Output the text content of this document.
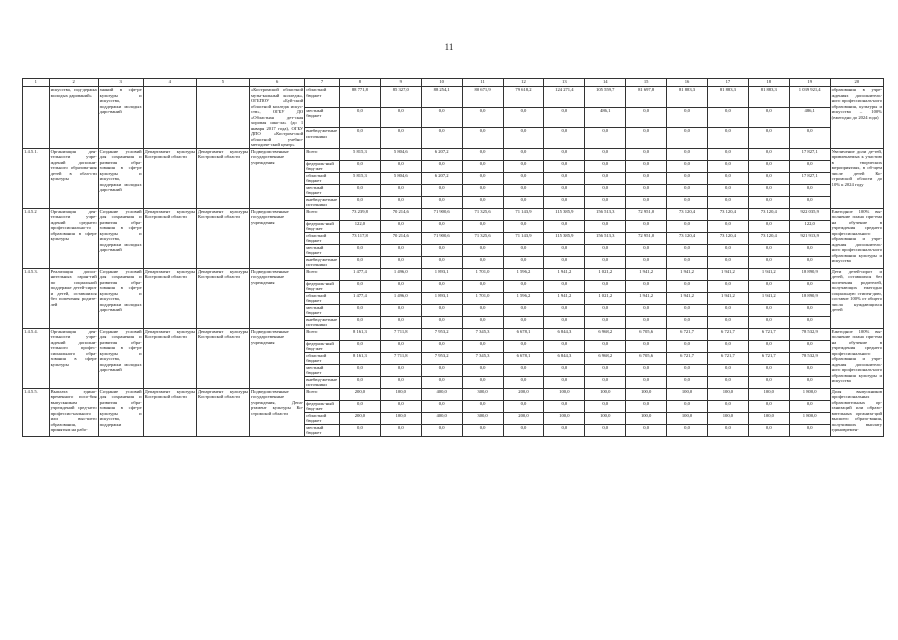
11
1	2	3	4	5	6	7	8	9	10	11	12	13	14	15	16	17	18	19	20
	искусства, под-держка молодых дарований»	знаний в сфе-ре культуры и искусства, поддержки молодых даро-ваний			«Костромской областной музы-кальный колледж», ОГБПОУ «Буй-ский областной колледж искус-ств», ОГБУ ДО «Областная дет-ская хоровая шко-ла» (до 1 января 2017 года), ОГБУ ДПО «Костром-ской областной учебно-методиче-ский центр»	областной бюджет	88 771,8	85 327,0	88 254,1	80 671,9	79 618,2	124 271,4	105 559,7	81 697,8	81 883,3	81 883,3	81 883,3	1 039 921,4	образования в учре-ждениях дополнитель-ного профессиональ-ного образования, культуры и искусства – 100% (ежегодно до 2024 года)
						местный бюджет	0,0	0,0	0,0	0,0	0,0	0,0	486,1	0,0	0,0	0,0	0,0	486,1	
						внебюд-жетные источники	0,0	0,0	0,0	0,0	0,0	0,0	0,0	0,0	0,0	0,0	0,0	0,0	
1.4.5.1.	Организация дея-тельности учре-ждений дополни-тельного образова-ния детей в обла-сти культуры	Создание условий для сохранения и развития обра-зования в сфе-ре культуры и искусства, поддержки молодых даро-ваний	Департамент культуры Костромской области	Департамент культуры Костромской области	Подведомственные государственные учреждения	Всего	5 815,3	5 804,6	6 207,2	0,0	0,0	0,0	0,0	0,0	0,0	0,0	0,0	17 827,1	Увеличение доли де-тей, привлекаемых к участию в творческих мероприятиях, в об-щем числе детей Ко-стромской области до 10% к 2024 году
						федераль-ный бюд-жет	0,0	0,0	0,0	0,0	0,0	0,0	0,0	0,0	0,0	0,0	0,0	0,0	
						областной бюджет	5 815,3	5 804,6	6 207,2	0,0	0,0	0,0	0,0	0,0	0,0	0,0	0,0	17 827,1	
						местный бюджет	0,0	0,0	0,0	0,0	0,0	0,0	0,0	0,0	0,0	0,0	0,0	0,0	
						внебюд-жетные источники	0,0	0,0	0,0	0,0	0,0	0,0	0,0	0,0	0,0	0,0	0,0	0,0	
1.4.5.2	Организация дея-тельности учре-ждений среднего профессионально-го образования в сфере культуры	Создание условий для сохранения и развития обра-зования в сфе-ре культуры и искусства, поддержки молодых даро-ваний	Департамент культуры Костромской области	Департамент культуры Костромской области	Подведомственные государственные учреждения	Всего	73 239,8	70 214,6	71 900,6	71 325,6	71 143,9	115 385,9	156 513,3	72 951,0	73 120,4	73 120,4	73 120,4	922 035,9	Ежегодное 100% вы-полнение плана при-ема на обучение в учреждения среднего профессионального образования и учре-ждения дополнитель-ного профессиональ-ного образования культуры и искусства
						федераль-ный бюд-жет	122,0	0,0	0,0	0,0	0,0	0,0	0,0	0,0	0,0	0,0	0,0	122,0	
						областной бюджет	73 117,8	70 214,6	71 900,6	71 325,6	71 143,9	115 385,9	156 513,3	72 951,0	73 120,4	73 120,4	73 120,4	921 913,9	
						местный бюджет	0,0	0,0	0,0	0,0	0,0	0,0	0,0	0,0	0,0	0,0	0,0	0,0	
						внебюд-жетные источники	0,0	0,0	0,0	0,0	0,0	0,0	0,0	0,0	0,0	0,0	0,0	0,0	
1.4.5.3.	Реализация допол-нительных гаран-тий по социальной поддержке детей-сирот и детей, оставшихся без попечения родите-лей	Создание условий для сохранения и развития обра-зования в сфе-ре культуры и искусства, поддержки молодых даро-ваний	Департамент культуры Костромской области	Департамент культуры Костромской области	Подведомственные государственные учреждения	Всего	1 477,4	1 496,0	1 893,1	1 701,0	1 596,2	1 941,2	1 021,2	1 941,2	1 941,2	1 941,2	1 941,2	18 890,9	Дети детей-сирот и детей, оставшихся без попечения родителей, получающих ежегодно социальную стипен-дию, составит 100% от общего числа нуждающихся детей
						федераль-ный бюд-жет	0,0	0,0	0,0	0,0	0,0	0,0	0,0	0,0	0,0	0,0	0,0	0,0	
						областной бюджет	1 477,4	1 496,0	1 893,1	1 701,0	1 596,2	1 941,2	1 021,2	1 941,2	1 941,2	1 941,2	1 941,2	18 890,9	
						местный бюджет	0,0	0,0	0,0	0,0	0,0	0,0	0,0	0,0	0,0	0,0	0,0	0,0	
						внебюд-жетные источники	0,0	0,0	0,0	0,0	0,0	0,0	0,0	0,0	0,0	0,0	0,0	0,0	
1.4.5.4.	Организация дея-тельности учре-ждений дополни-тельного профес-сионального обра-зования в сфере культуры	Создание условий для сохранения и развития обра-зования в сфе-ре культуры и искусства, поддержки молодых даро-ваний	Департамент культуры Костромской области	Департамент культуры Костромской области	Подведомственные государственные учреждения	Всего	8 161,3	7 711,8	7 953,2	7 345,3	6 678,1	6 844,3	6 968,2	6 705,6	6 721,7	6 721,7	6 721,7	78 532,9	Ежегодное 100% вы-полнение плана при-ема на обучение в учреждения среднего профессионального образования и учре-ждения дополнитель-ного профессиональ-ного образования культуры и искусства
						федераль-ный бюд-жет	0,0	0,0	0,0	0,0	0,0	0,0	0,0	0,0	0,0	0,0	0,0	0,0	
						областной бюджет	8 161,3	7 711,8	7 953,2	7 345,3	6 678,1	6 844,3	6 968,2	6 705,6	6 721,7	6 721,7	6 721,7	78 532,9	
						местный бюджет	0,0	0,0	0,0	0,0	0,0	0,0	0,0	0,0	0,0	0,0	0,0	0,0	
						внебюд-жетные источники	0,0	0,0	0,0	0,0	0,0	0,0	0,0	0,0	0,0	0,0	0,0	0,0	
1.4.5.5.	Выплата едино-временного посо-бия выпускникам учреждений сред-него профессио-нального или выс-шего образования, принятым на рабо-	Создание условий для сохранения и развития обра-зования в сфе-ре культуры и искусства, поддержки	Департамент культуры Костромской области	Департамент культуры Костромской области	Подведомственные государственные учреждения, Депа-ртамент культуры Ко-стромской области	Всего	200,0	100,0	400,0	300,0	200,0	100,0	100,0	100,0	100,0	100,0	100,0	1 800,0	Доля выпускников профессиональных образовательных ор-ганизаций или образо-вательных организа-ций высшего образо-вания, получивших выплату единовремен-
						федераль-ный бюд-жет	0,0	0,0	0,0	0,0	0,0	0,0	0,0	0,0	0,0	0,0	0,0	0,0	
						областной бюджет	200,0	100,0	400,0	300,0	200,0	100,0	100,0	100,0	100,0	100,0	100,0	1 800,0	
						местный бюджет	0,0	0,0	0,0	0,0	0,0	0,0	0,0	0,0	0,0	0,0	0,0	0,0	
